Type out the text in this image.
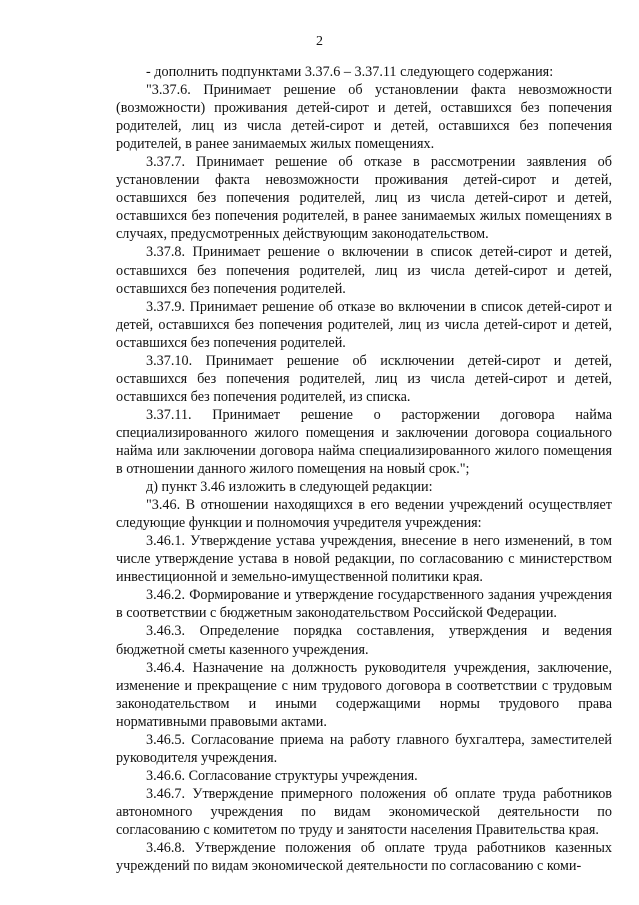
2

- дополнить подпунктами 3.37.6 – 3.37.11 следующего содержания:

"3.37.6. Принимает решение об установлении факта невозможности (возможности) проживания детей-сирот и детей, оставшихся без попечения родителей, лиц из числа детей-сирот и детей, оставшихся без попечения родителей, в ранее занимаемых жилых помещениях.

3.37.7. Принимает решение об отказе в рассмотрении заявления об установлении факта невозможности проживания детей-сирот и детей, оставшихся без попечения родителей, лиц из числа детей-сирот и детей, оставшихся без попечения родителей, в ранее занимаемых жилых помещениях в случаях, предусмотренных действующим законодательством.

3.37.8. Принимает решение о включении в список детей-сирот и детей, оставшихся без попечения родителей, лиц из числа детей-сирот и детей, оставшихся без попечения родителей.

3.37.9. Принимает решение об отказе во включении в список детей-сирот и детей, оставшихся без попечения родителей, лиц из числа детей-сирот и детей, оставшихся без попечения родителей.

3.37.10. Принимает решение об исключении детей-сирот и детей, оставшихся без попечения родителей, лиц из числа детей-сирот и детей, оставшихся без попечения родителей, из списка.

3.37.11. Принимает решение о расторжении договора найма специализированного жилого помещения и заключении договора социального найма или заключении договора найма специализированного жилого помещения в отношении данного жилого помещения на новый срок.";

д) пункт 3.46 изложить в следующей редакции:

"3.46. В отношении находящихся в его ведении учреждений осуществляет следующие функции и полномочия учредителя учреждения:

3.46.1. Утверждение устава учреждения, внесение в него изменений, в том числе утверждение устава в новой редакции, по согласованию с министерством инвестиционной и земельно-имущественной политики края.

3.46.2. Формирование и утверждение государственного задания учреждения в соответствии с бюджетным законодательством Российской Федерации.

3.46.3. Определение порядка составления, утверждения и ведения бюджетной сметы казенного учреждения.

3.46.4. Назначение на должность руководителя учреждения, заключение, изменение и прекращение с ним трудового договора в соответствии с трудовым законодательством и иными содержащими нормы трудового права нормативными правовыми актами.

3.46.5. Согласование приема на работу главного бухгалтера, заместителей руководителя учреждения.

3.46.6. Согласование структуры учреждения.

3.46.7. Утверждение примерного положения об оплате труда работников автономного учреждения по видам экономической деятельности по согласованию с комитетом по труду и занятости населения Правительства края.

3.46.8. Утверждение положения об оплате труда работников казенных учреждений по видам экономической деятельности по согласованию с коми-
